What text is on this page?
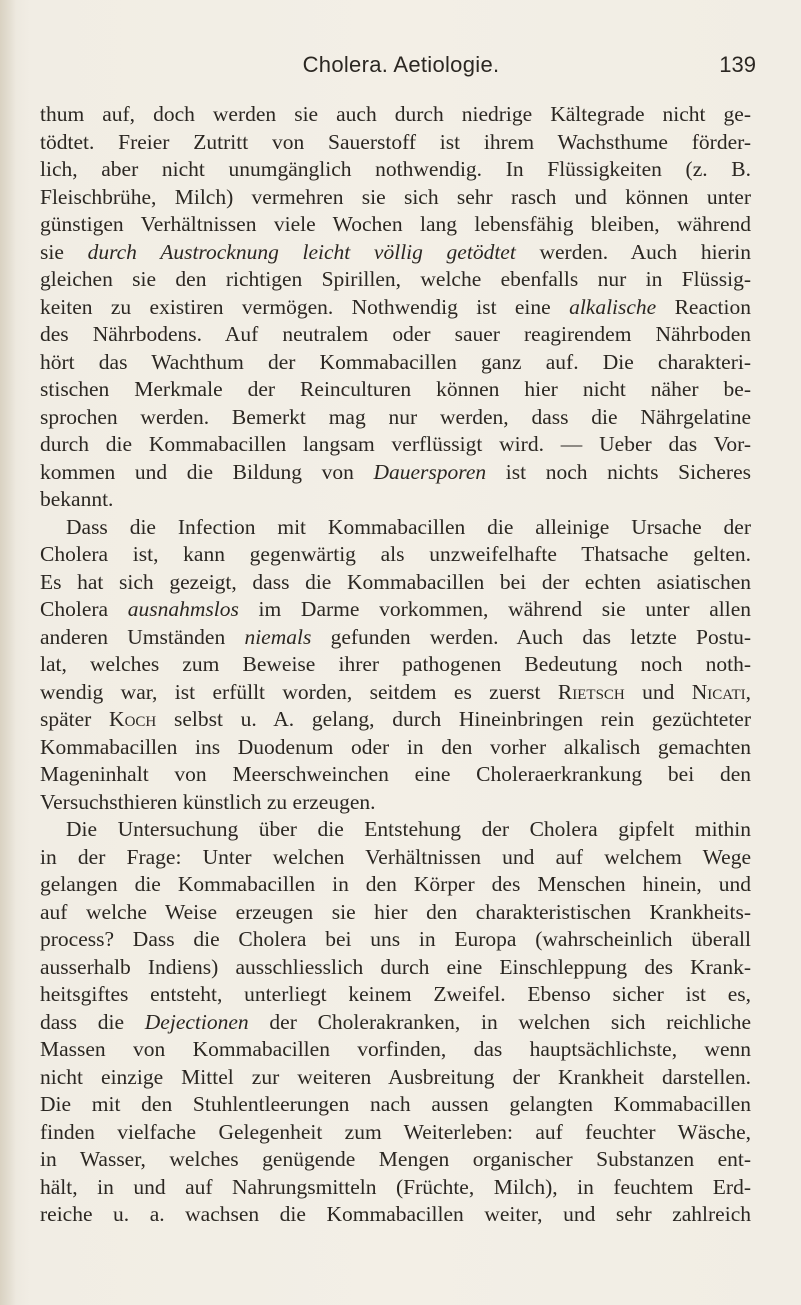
Cholera. Aetiologie.	139
thum auf, doch werden sie auch durch niedrige Kältegrade nicht ge-
tödtet. Freier Zutritt von Sauerstoff ist ihrem Wachsthume förder-
lich, aber nicht unumgänglich nothwendig. In Flüssigkeiten (z. B.
Fleischbrühe, Milch) vermehren sie sich sehr rasch und können unter
günstigen Verhältnissen viele Wochen lang lebensfähig bleiben, während
sie durch Austrocknung leicht völlig getödtet werden. Auch hierin
gleichen sie den richtigen Spirillen, welche ebenfalls nur in Flüssig-
keiten zu existiren vermögen. Nothwendig ist eine alkalische Reaction
des Nährbodens. Auf neutralem oder sauer reagirendem Nährboden
hört das Wachthum der Kommabacillen ganz auf. Die charakteri-
stischen Merkmale der Reinculturen können hier nicht näher be-
sprochen werden. Bemerkt mag nur werden, dass die Nährgelatine
durch die Kommabacillen langsam verflüssigt wird. — Ueber das Vor-
kommen und die Bildung von Dauersporen ist noch nichts Sicheres
bekannt.
Dass die Infection mit Kommabacillen die alleinige Ursache der
Cholera ist, kann gegenwärtig als unzweifelhafte Thatsache gelten.
Es hat sich gezeigt, dass die Kommabacillen bei der echten asiatischen
Cholera ausnahmslos im Darme vorkommen, während sie unter allen
anderen Umständen niemals gefunden werden. Auch das letzte Postu-
lat, welches zum Beweise ihrer pathogenen Bedeutung noch noth-
wendig war, ist erfüllt worden, seitdem es zuerst Rietsch und Nicati,
später Koch selbst u. A. gelang, durch Hineinbringen rein gezüchteter
Kommabacillen ins Duodenum oder in den vorher alkalisch gemachten
Mageninhalt von Meerschweinchen eine Choleraerkrankung bei den
Versuchsthieren künstlich zu erzeugen.
Die Untersuchung über die Entstehung der Cholera gipfelt mithin
in der Frage: Unter welchen Verhältnissen und auf welchem Wege
gelangen die Kommabacillen in den Körper des Menschen hinein, und
auf welche Weise erzeugen sie hier den charakteristischen Krankheits-
process? Dass die Cholera bei uns in Europa (wahrscheinlich überall
ausserhalb Indiens) ausschliesslich durch eine Einschleppung des Krank-
heitsgiftes entsteht, unterliegt keinem Zweifel. Ebenso sicher ist es,
dass die Dejectionen der Cholerakranken, in welchen sich reichliche
Massen von Kommabacillen vorfinden, das hauptsächlichste, wenn
nicht einzige Mittel zur weiteren Ausbreitung der Krankheit darstellen.
Die mit den Stuhlentleerungen nach aussen gelangten Kommabacillen
finden vielfache Gelegenheit zum Weiterleben: auf feuchter Wäsche,
in Wasser, welches genügende Mengen organischer Substanzen ent-
hält, in und auf Nahrungsmitteln (Früchte, Milch), in feuchtem Erd-
reiche u. a. wachsen die Kommabacillen weiter, und sehr zahlreich
